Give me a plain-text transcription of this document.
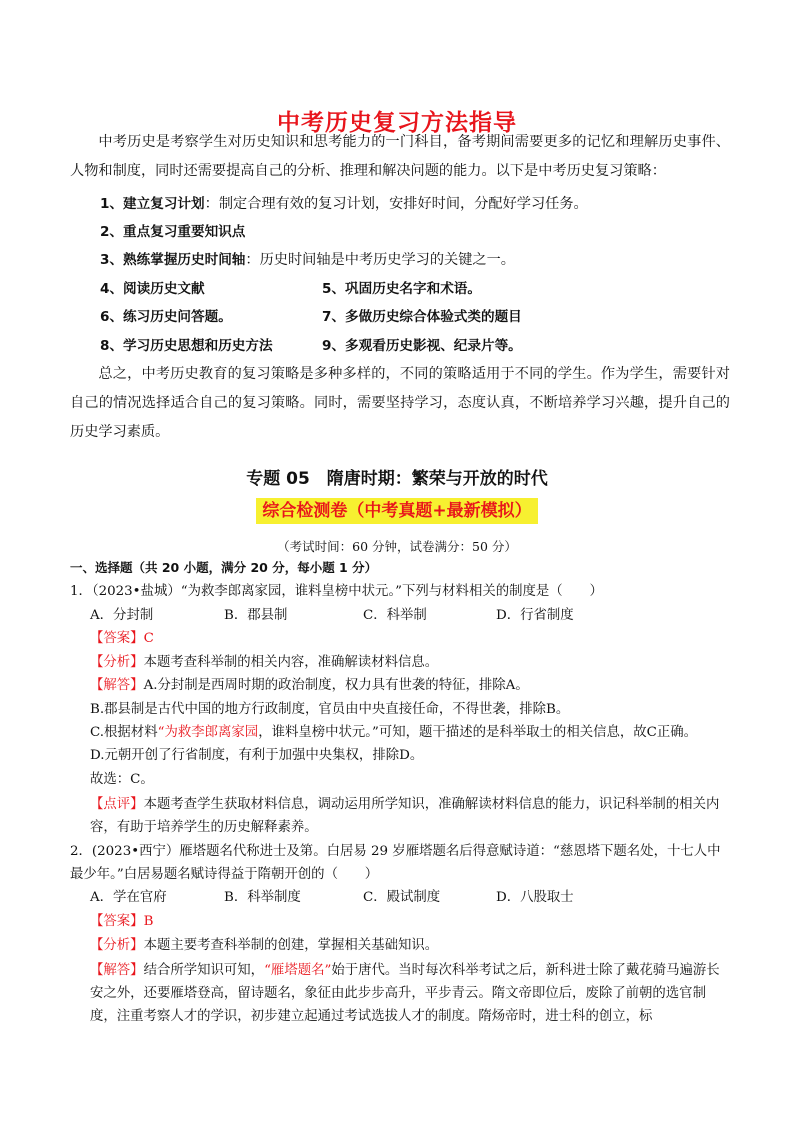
中考历史复习方法指导
中考历史是考察学生对历史知识和思考能力的一门科目，备考期间需要更多的记忆和理解历史事件、人物和制度，同时还需要提高自己的分析、推理和解决问题的能力。以下是中考历史复习策略：
1、建立复习计划：制定合理有效的复习计划，安排好时间，分配好学习任务。
2、重点复习重要知识点
3、熟练掌握历史时间轴：历史时间轴是中考历史学习的关键之一。
4、阅读历史文献	5、巩固历史名字和术语。
6、练习历史问答题。	7、多做历史综合体验式类的题目
8、学习历史思想和历史方法	9、多观看历史影视、纪录片等。
总之，中考历史教育的复习策略是多种多样的，不同的策略适用于不同的学生。作为学生，需要针对自己的情况选择适合自己的复习策略。同时，需要坚持学习，态度认真，不断培养学习兴趣，提升自己的历史学习素质。
专题 05　隋唐时期：繁荣与开放的时代
综合检测卷（中考真题+最新模拟）
（考试时间：60 分钟，试卷满分：50 分）
一、选择题（共 20 小题，满分 20 分，每小题 1 分）
1．（2023•盐城）“为救李郎离家园，谁料皇榜中状元。”下列与材料相关的制度是（　　）
A．分封制	B．郡县制	C．科举制	D．行省制度
【答案】C
【分析】本题考查科举制的相关内容，准确解读材料信息。
【解答】A.分封制是西周时期的政治制度，权力具有世袭的特征，排除A。
B.郡县制是古代中国的地方行政制度，官员由中央直接任命，不得世袭，排除B。
C.根据材料“为救李郎离家园，谁料皇榜中状元。”可知，题干描述的是科举取士的相关信息，故C正确。
D.元朝开创了行省制度，有利于加强中央集权，排除D。
故选：C。
【点评】本题考查学生获取材料信息，调动运用所学知识，准确解读材料信息的能力，识记科举制的相关内容，有助于培养学生的历史解释素养。
2．(2023•西宁）雁塔题名代称进士及第。白居易 29 岁雁塔题名后得意赋诗道：“慈恩塔下题名处，十七人中最少年。”白居易题名赋诗得益于隋朝开创的（　　）
A．学在官府	B．科举制度	C．殿试制度	D．八股取士
【答案】B
【分析】本题主要考查科举制的创建，掌握相关基础知识。
【解答】结合所学知识可知，“雁塔题名”始于唐代。当时每次科举考试之后，新科进士除了戴花骑马遍游长安之外，还要雁塔登高，留诗题名，象征由此步步高升，平步青云。隋文帝即位后，废除了前朝的选官制度，注重考察人才的学识，初步建立起通过考试选拔人才的制度。隋炀帝时，进士科的创立，标
